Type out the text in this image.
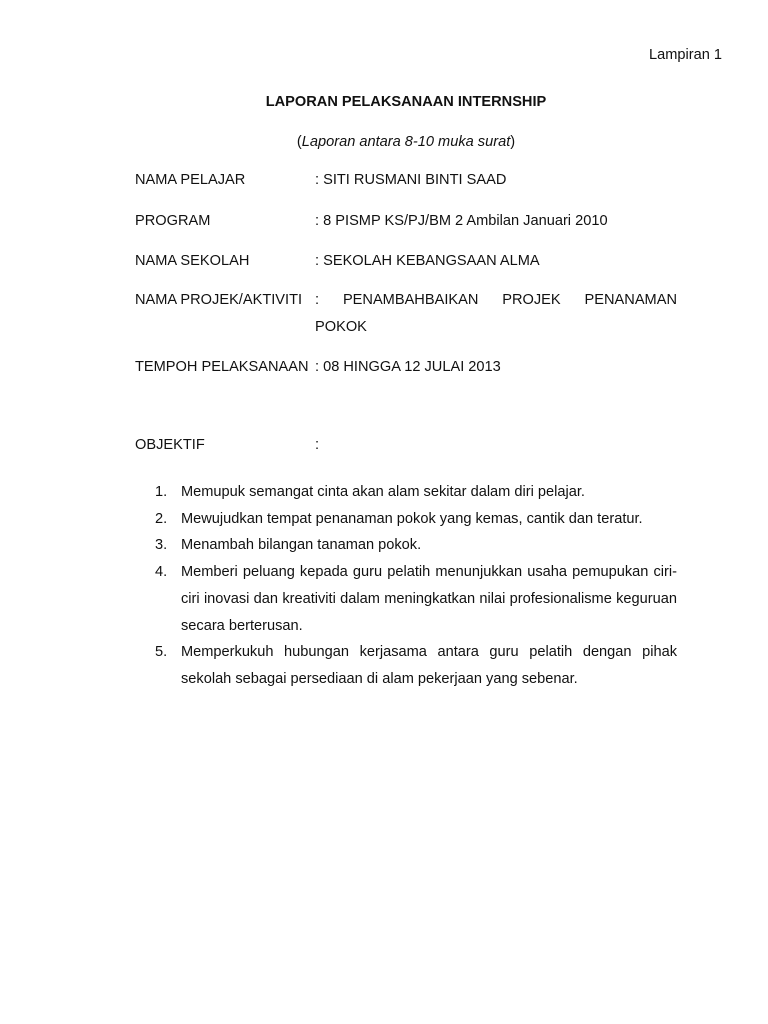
Lampiran 1
LAPORAN PELAKSANAAN INTERNSHIP
(Laporan antara 8-10 muka surat)
NAMA PELAJAR	: SITI RUSMANI BINTI SAAD
PROGRAM	: 8 PISMP KS/PJ/BM 2 Ambilan Januari 2010
NAMA SEKOLAH	: SEKOLAH KEBANGSAAN ALMA
NAMA PROJEK/AKTIVITI : PENAMBAHBAIKAN PROJEK PENANAMAN
POKOK
TEMPOH PELAKSANAAN : 08 HINGGA 12 JULAI 2013
OBJEKTIF	:
1. Memupuk semangat cinta akan alam sekitar dalam diri pelajar.
2. Mewujudkan tempat penanaman pokok yang kemas, cantik dan teratur.
3. Menambah bilangan tanaman pokok.
4. Memberi peluang kepada guru pelatih menunjukkan usaha pemupukan ciri-ciri inovasi dan kreativiti dalam meningkatkan nilai profesionalisme keguruan secara berterusan.
5. Memperkukuh hubungan kerjasama antara guru pelatih dengan pihak sekolah sebagai persediaan di alam pekerjaan yang sebenar.
